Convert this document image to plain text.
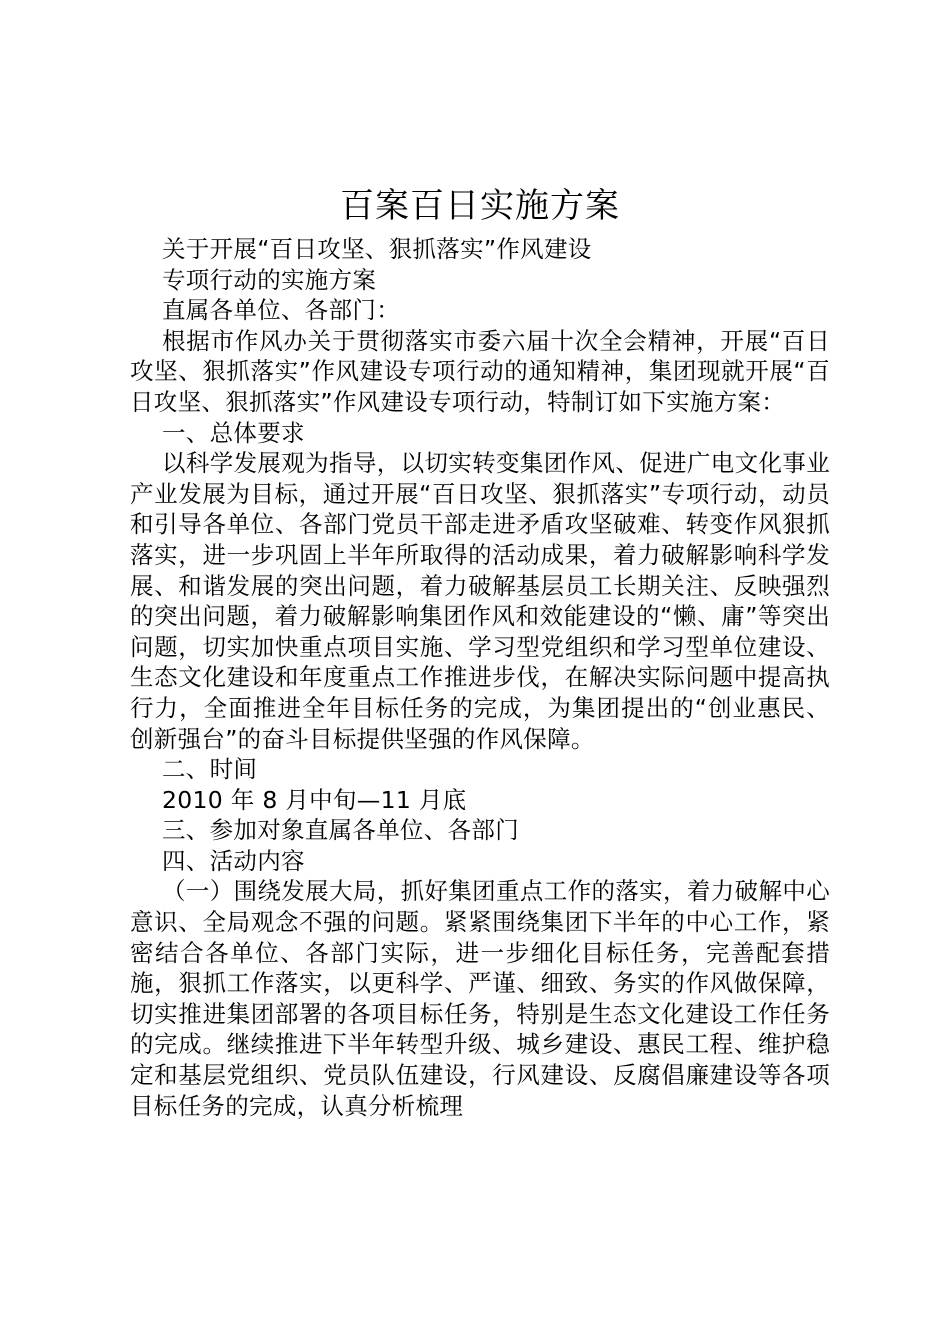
百案百日实施方案

关于开展“百日攻坚、狠抓落实”作风建设

专项行动的实施方案

直属各单位、各部门：

根据市作风办关于贯彻落实市委六届十次全会精神，开展“百日攻坚、狠抓落实”作风建设专项行动的通知精神，集团现就开展“百日攻坚、狠抓落实”作风建设专项行动，特制订如下实施方案：

一、总体要求

以科学发展观为指导，以切实转变集团作风、促进广电文化事业产业发展为目标，通过开展“百日攻坚、狠抓落实”专项行动，动员和引导各单位、各部门党员干部走进矛盾攻坚破难、转变作风狠抓落实，进一步巩固上半年所取得的活动成果，着力破解影响科学发展、和谐发展的突出问题，着力破解基层员工长期关注、反映强烈的突出问题，着力破解影响集团作风和效能建设的“懒、庸”等突出问题，切实加快重点项目实施、学习型党组织和学习型单位建设、生态文化建设和年度重点工作推进步伐，在解决实际问题中提高执行力，全面推进全年目标任务的完成，为集团提出的“创业惠民、创新强台”的奋斗目标提供坚强的作风保障。

二、时间

2010 年 8 月中旬—11 月底

三、参加对象直属各单位、各部门

四、活动内容

（一）围绕发展大局，抓好集团重点工作的落实，着力破解中心意识、全局观念不强的问题。紧紧围绕集团下半年的中心工作，紧密结合各单位、各部门实际，进一步细化目标任务，完善配套措施，狠抓工作落实，以更科学、严谨、细致、务实的作风做保障，切实推进集团部署的各项目标任务，特别是生态文化建设工作任务的完成。继续推进下半年转型升级、城乡建设、惠民工程、维护稳定和基层党组织、党员队伍建设，行风建设、反腐倡廉建设等各项目标任务的完成，认真分析梳理
